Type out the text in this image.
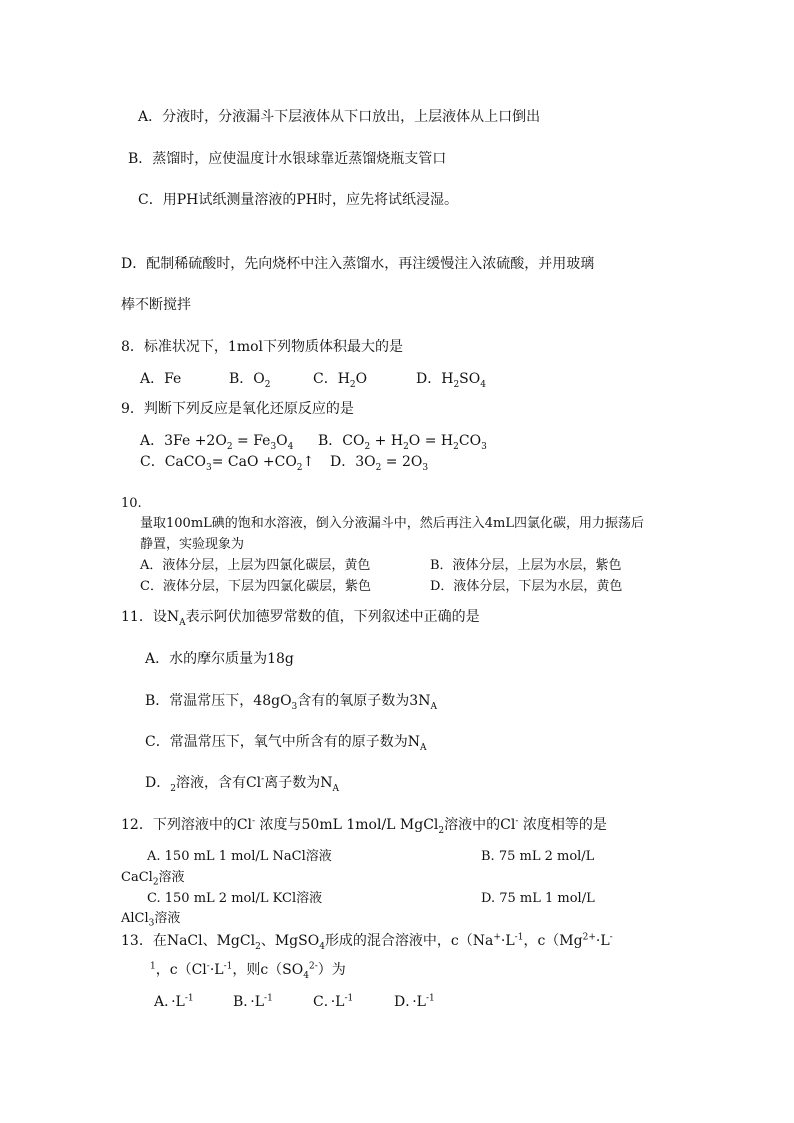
A．分液时，分液漏斗下层液体从下口放出，上层液体从上口倒出
B．蒸馏时，应使温度计水银球靠近蒸馏烧瓶支管口
C．用PH试纸测量溶液的PH时，应先将试纸浸湿。
D．配制稀硫酸时，先向烧杯中注入蒸馏水，再注缓慢注入浓硫酸，并用玻璃
棒不断搅拌
8．标准状况下，1mol下列物质体积最大的是
A．Fe	B．$O_2$	C．$H_2O$	D．$H_2SO_4$
9．判断下列反应是氧化还原反应的是
A．$3Fe +2O_2 = Fe_3O_4$ B．$CO_2 + H_2O = H_2CO_3$
C．CaCO$_3$= CaO $+CO_2↑$ D．$3O_2 = 2O_3$
10.
量取100mL碘的饱和水溶液，倒入分液漏斗中，然后再注入4mL四氯化碳，用力振荡后
静置，实验现象为
A．液体分层，上层为四氯化碳层，黄色	B．液体分层，上层为水层，紫色
C．液体分层，下层为四氯化碳层，紫色	D．液体分层，下层为水层，黄色
11．设$N_A$表示阿伏加德罗常数的值，下列叙述中正确的是
A．水的摩尔质量为18g
B．常温常压下，$48gO_3$含有的氧原子数为$3N_A$
C．常温常压下，氧气中所含有的原子数为$N_A$
D．$_2$溶液，含有Cl-离子数为$N_A$
12．下列溶液中的Cl- 浓度与50mL 1mol/L MgCl$_2$溶液中的Cl- 浓度相等的是
A. 150 mL 1 mol/L NaCl溶液	B. 75 mL 2 mol/L
CaCl$_2$溶液
C. 150 mL 2 mol/L KCl溶液	D. 75 mL 1 mol/L
AlCl$_3$溶液
13．在NaCl、MgCl$_2$、MgSO$_4$形成的混合溶液中，$c(Na^+\cdot L^{-1}$，$c(Mg^{2+}\cdot L^-$
$^1$，$c(Cl^-\cdot L^{-1}$，则$c(SO_4^{2-})$为
A．$\cdot L^{-1}$	B．$\cdot L^{-1}$	C．$\cdot L^{-1}$	D．$\cdot L^{-1}$
